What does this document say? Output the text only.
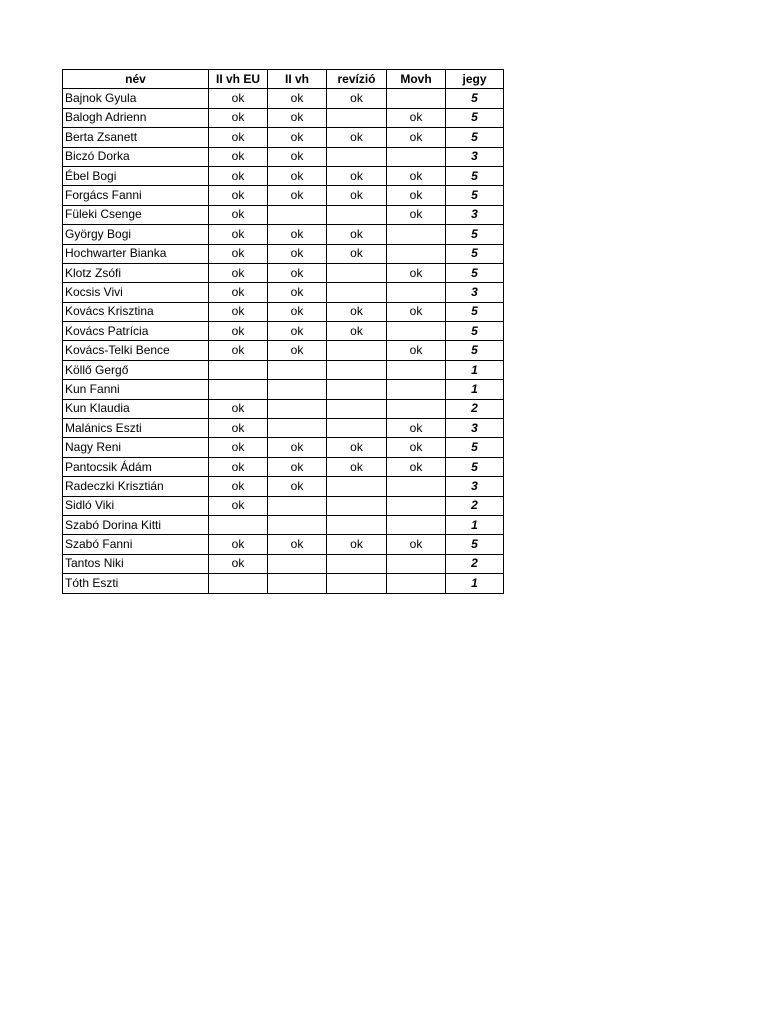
név	II vh EU	II vh	revízió	Movh	jegy
Bajnok Gyula	ok	ok	ok		5
Balogh Adrienn	ok	ok		ok	5
Berta Zsanett	ok	ok	ok	ok	5
Biczó Dorka	ok	ok			3
Ébel Bogi	ok	ok	ok	ok	5
Forgács Fanni	ok	ok	ok	ok	5
Füleki Csenge	ok			ok	3
György Bogi	ok	ok	ok		5
Hochwarter Bianka	ok	ok	ok		5
Klotz Zsófi	ok	ok		ok	5
Kocsis Vivi	ok	ok			3
Kovács Krisztina	ok	ok	ok	ok	5
Kovács Patrícia	ok	ok	ok		5
Kovács-Telki Bence	ok	ok		ok	5
Köllő Gergő					1
Kun Fanni					1
Kun Klaudia	ok				2
Malánics Eszti	ok			ok	3
Nagy Reni	ok	ok	ok	ok	5
Pantocsik Ádám	ok	ok	ok	ok	5
Radeczki Krisztián	ok	ok			3
Sidló Viki	ok				2
Szabó Dorina Kitti					1
Szabó Fanni	ok	ok	ok	ok	5
Tantos Niki	ok				2
Tóth Eszti					1
